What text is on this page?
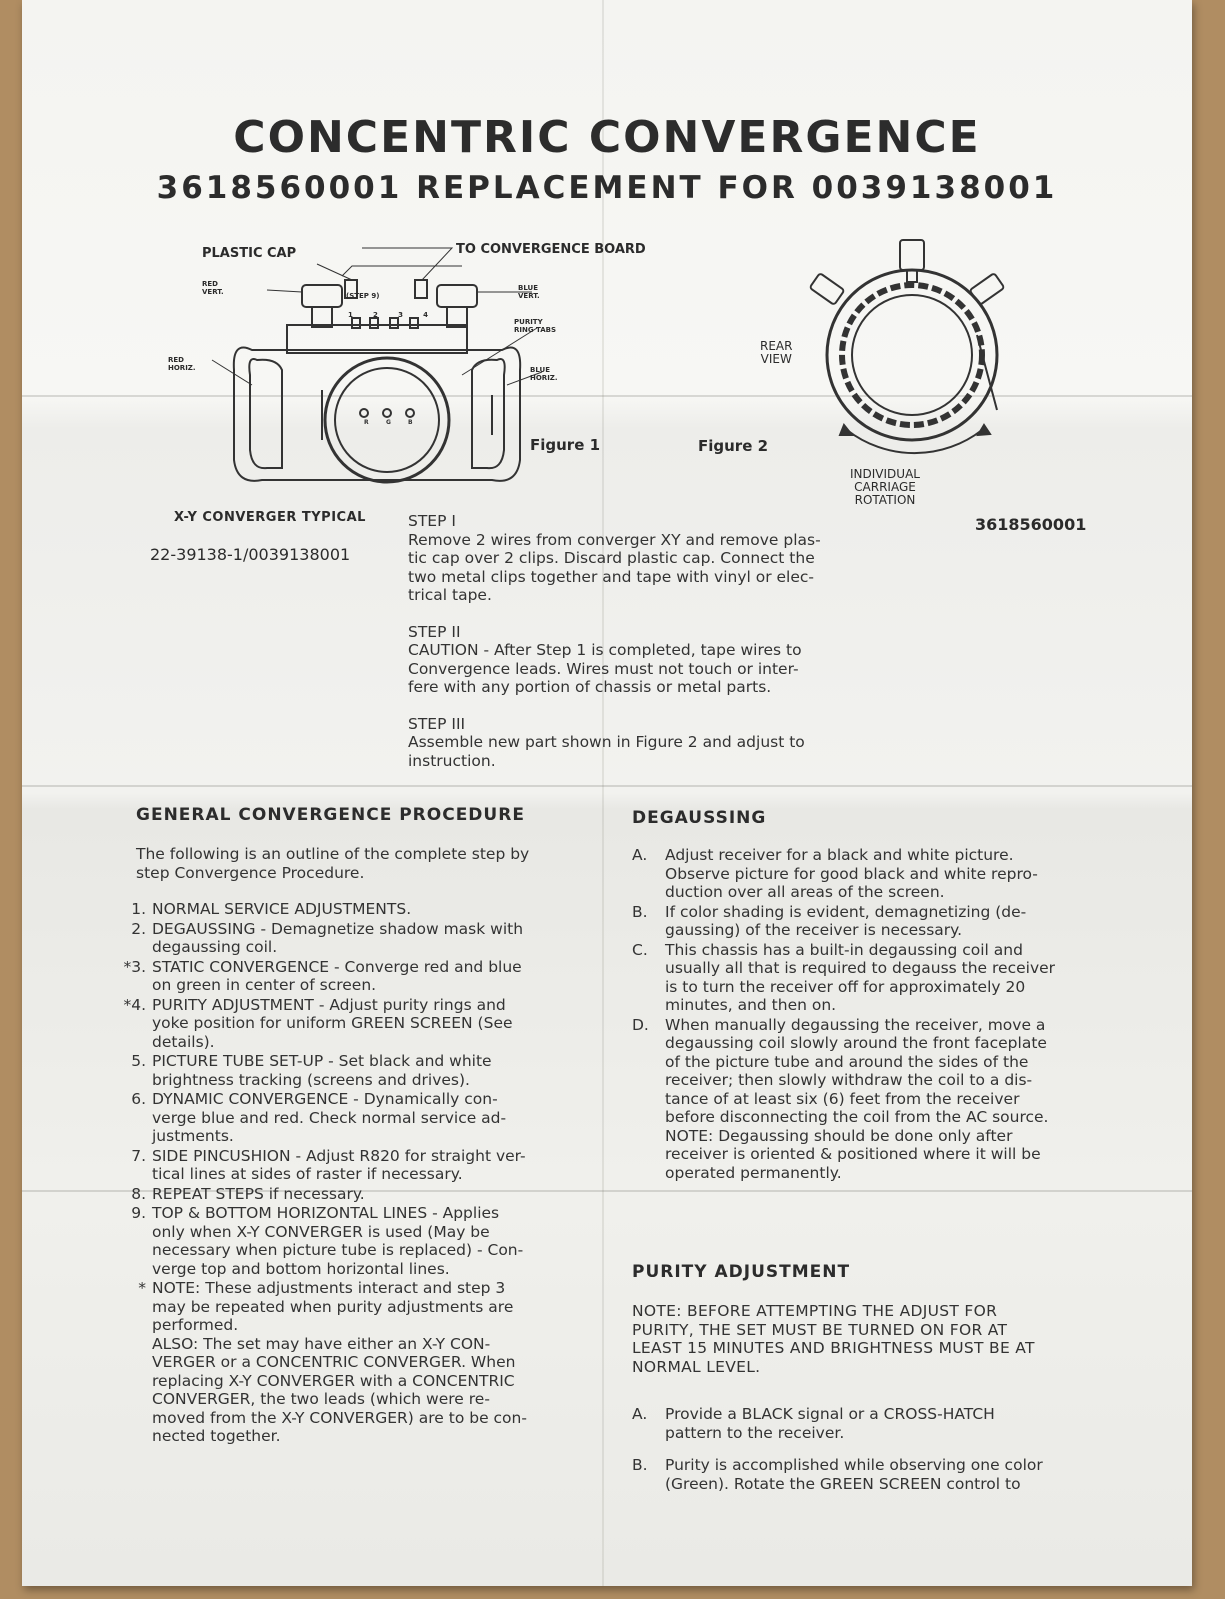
CONCENTRIC CONVERGENCE
3618560001 REPLACEMENT FOR 0039138001
R	G	B
PLASTIC CAP	TO CONVERGENCE BOARD
RED
VERT.	BLUE
VERT.
(STEP 9)
1	2	3	4
PURITY
RING TABS
RED
HORIZ.	BLUE
HORIZ.
Figure 1
REAR
VIEW
Figure 2
INDIVIDUAL
CARRIAGE
ROTATION
X-Y CONVERGER TYPICAL
22-39138-1/0039138001
3618560001
STEP I
Remove 2 wires from converger XY and remove plas-
tic cap over 2 clips. Discard plastic cap. Connect the
two metal clips together and tape with vinyl or elec-
trical tape.
STEP II
CAUTION - After Step 1 is completed, tape wires to
Convergence leads. Wires must not touch or inter-
fere with any portion of chassis or metal parts.
STEP III
Assemble new part shown in Figure 2 and adjust to
instruction.
GENERAL CONVERGENCE PROCEDURE
The following is an outline of the complete step by
step Convergence Procedure.
1. NORMAL SERVICE ADJUSTMENTS.
2. DEGAUSSING - Demagnetize shadow mask with
degaussing coil.
*3. STATIC CONVERGENCE - Converge red and blue
on green in center of screen.
*4. PURITY ADJUSTMENT - Adjust purity rings and
yoke position for uniform GREEN SCREEN (See
details).
5. PICTURE TUBE SET-UP - Set black and white
brightness tracking (screens and drives).
6. DYNAMIC CONVERGENCE - Dynamically con-
verge blue and red. Check normal service ad-
justments.
7. SIDE PINCUSHION - Adjust R820 for straight ver-
tical lines at sides of raster if necessary.
8. REPEAT STEPS if necessary.
9. TOP & BOTTOM HORIZONTAL LINES - Applies
only when X-Y CONVERGER is used (May be
necessary when picture tube is replaced) - Con-
verge top and bottom horizontal lines.
* NOTE: These adjustments interact and step 3
may be repeated when purity adjustments are
performed.
ALSO: The set may have either an X-Y CON-
VERGER or a CONCENTRIC CONVERGER. When
replacing X-Y CONVERGER with a CONCENTRIC
CONVERGER, the two leads (which were re-
moved from the X-Y CONVERGER) are to be con-
nected together.
DEGAUSSING
A. Adjust receiver for a black and white picture.
Observe picture for good black and white repro-
duction over all areas of the screen.
B. If color shading is evident, demagnetizing (de-
gaussing) of the receiver is necessary.
C. This chassis has a built-in degaussing coil and
usually all that is required to degauss the receiver
is to turn the receiver off for approximately 20
minutes, and then on.
D. When manually degaussing the receiver, move a
degaussing coil slowly around the front faceplate
of the picture tube and around the sides of the
receiver; then slowly withdraw the coil to a dis-
tance of at least six (6) feet from the receiver
before disconnecting the coil from the AC source.
NOTE: Degaussing should be done only after
receiver is oriented & positioned where it will be
operated permanently.
PURITY ADJUSTMENT
NOTE: BEFORE ATTEMPTING THE ADJUST FOR
PURITY, THE SET MUST BE TURNED ON FOR AT
LEAST 15 MINUTES AND BRIGHTNESS MUST BE AT
NORMAL LEVEL.
A. Provide a BLACK signal or a CROSS-HATCH
pattern to the receiver.
B. Purity is accomplished while observing one color
(Green). Rotate the GREEN SCREEN control to
